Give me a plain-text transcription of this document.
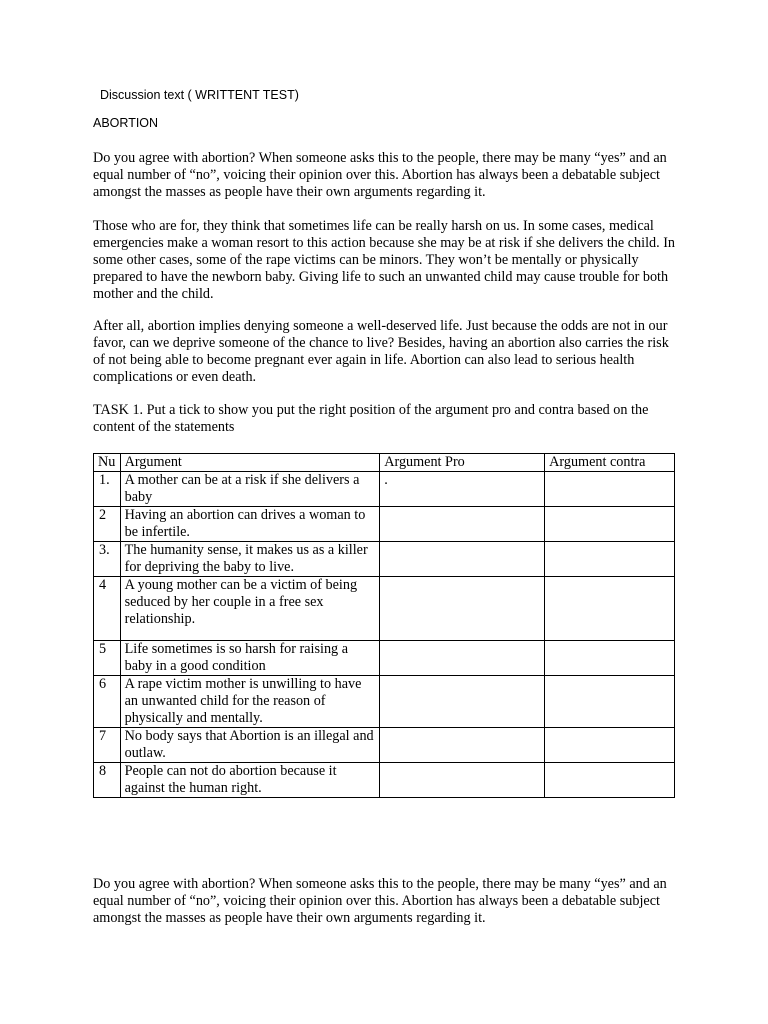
Discussion text ( WRITTENT TEST)
ABORTION

Do you agree with abortion? When someone asks this to the people, there may be many “yes” and an equal number of “no”, voicing their opinion over this. Abortion has always been a debatable subject amongst the masses as people have their own arguments regarding it.

Those who are for, they think that sometimes life can be really harsh on us. In some cases, medical emergencies make a woman resort to this action because she may be at risk if she delivers the child. In some other cases, some of the rape victims can be minors. They won’t be mentally or physically prepared to have the newborn baby. Giving life to such an unwanted child may cause trouble for both mother and the child.

After all, abortion implies denying someone a well-deserved life. Just because the odds are not in our favor, can we deprive someone of the chance to live? Besides, having an abortion also carries the risk of not being able to become pregnant ever again in life. Abortion can also lead to serious health complications or even death.

TASK 1. Put a tick to show you put the right position of the argument pro and contra based on the content of the statements

Nu	Argument	Argument Pro	Argument contra
1.	A mother can be at a risk if she delivers a baby	.	
2	Having an abortion can drives a woman to be infertile.		
3.	The humanity sense, it makes us as a killer for depriving the baby to live.		
4	A young mother can be a victim of being seduced by her couple in a free sex relationship.		
5	Life sometimes is so harsh for raising a baby in a good condition		
6	A rape victim mother is unwilling to have an unwanted child for the reason of physically and mentally.		
7	No body says that Abortion is an illegal and outlaw.		
8	People can not do abortion because it against the human right.		

Do you agree with abortion? When someone asks this to the people, there may be many “yes” and an equal number of “no”, voicing their opinion over this. Abortion has always been a debatable subject amongst the masses as people have their own arguments regarding it.
